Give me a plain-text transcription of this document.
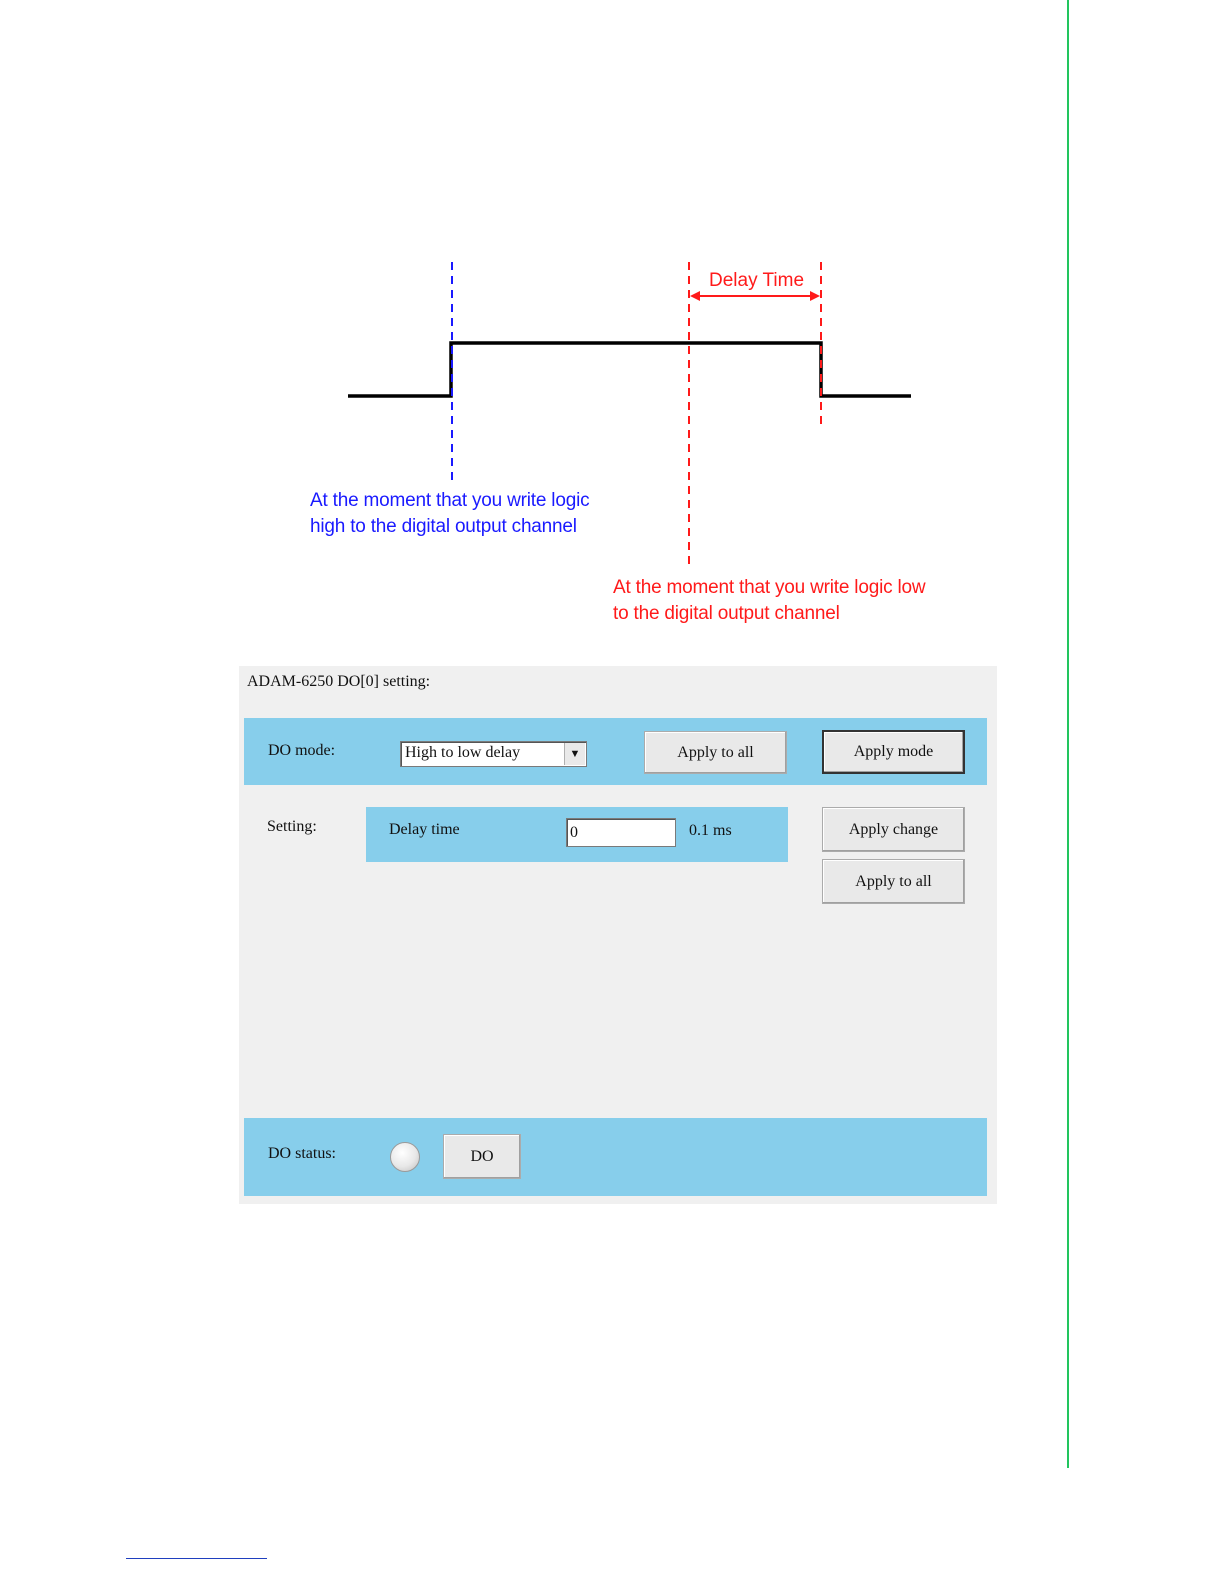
Delay Time
At the moment that you write logic
high to the digital output channel
At the moment that you write logic low
to the digital output channel
ADAM-6250 DO[0] setting:
DO mode:	High to low delay	▼	Apply to all	Apply mode
Setting:	Delay time
0	0.1 ms	Apply change
Apply to all
DO status:	DO
